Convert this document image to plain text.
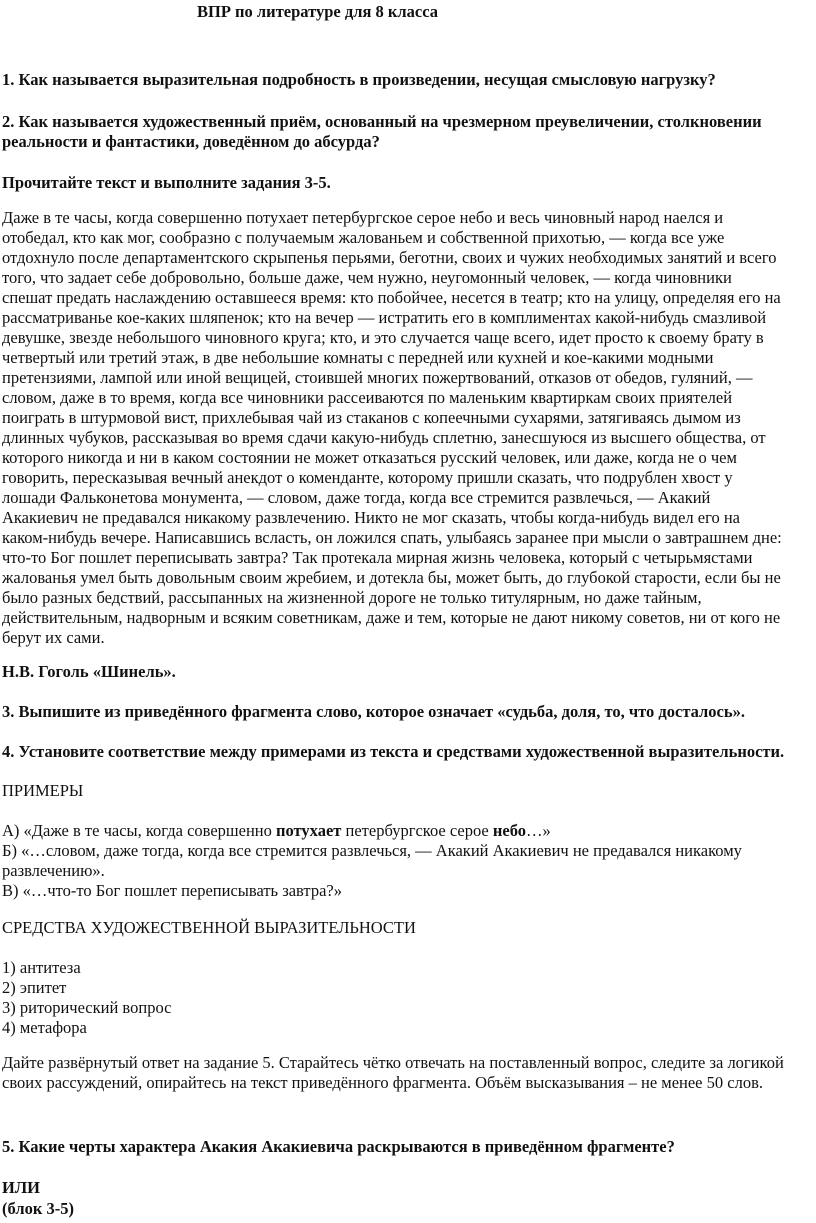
ВПР по литературе для 8 класса
1. Как называется выразительная подробность в произведении, несущая смысловую нагрузку?
2. Как называется художественный приём, основанный на чрезмерном преувеличении, столкновении
реальности и фантастики, доведённом до абсурда?
Прочитайте текст и выполните задания 3-5.
Даже в те часы, когда совершенно потухает петербургское серое небо и весь чиновный народ наелся и
отобедал, кто как мог, сообразно с получаемым жалованьем и собственной прихотью, — когда все уже
отдохнуло после департаментского скрыпенья перьями, беготни, своих и чужих необходимых занятий и всего
того, что задает себе добровольно, больше даже, чем нужно, неугомонный человек, — когда чиновники
спешат предать наслаждению оставшееся время: кто побойчее, несется в театр; кто на улицу, определяя его на
рассматриванье кое-каких шляпенок; кто на вечер — истратить его в комплиментах какой-нибудь смазливой
девушке, звезде небольшого чиновного круга; кто, и это случается чаще всего, идет просто к своему брату в
четвертый или третий этаж, в две небольшие комнаты с передней или кухней и кое-какими модными
претензиями, лампой или иной вещицей, стоившей многих пожертвований, отказов от обедов, гуляний, —
словом, даже в то время, когда все чиновники рассеиваются по маленьким квартиркам своих приятелей
поиграть в штурмовой вист, прихлебывая чай из стаканов с копеечными сухарями, затягиваясь дымом из
длинных чубуков, рассказывая во время сдачи какую-нибудь сплетню, занесшуюся из высшего общества, от
которого никогда и ни в каком состоянии не может отказаться русский человек, или даже, когда не о чем
говорить, пересказывая вечный анекдот о коменданте, которому пришли сказать, что подрублен хвост у
лошади Фальконетова монумента, — словом, даже тогда, когда все стремится развлечься, — Акакий
Акакиевич не предавался никакому развлечению. Никто не мог сказать, чтобы когда-нибудь видел его на
каком-нибудь вечере. Написавшись всласть, он ложился спать, улыбаясь заранее при мысли о завтрашнем дне:
что-то Бог пошлет переписывать завтра? Так протекала мирная жизнь человека, который с четырьмястами
жалованья умел быть довольным своим жребием, и дотекла бы, может быть, до глубокой старости, если бы не
было разных бедствий, рассыпанных на жизненной дороге не только титулярным, но даже тайным,
действительным, надворным и всяким советникам, даже и тем, которые не дают никому советов, ни от кого не
берут их сами.
Н.В. Гоголь «Шинель».
3. Выпишите из приведённого фрагмента слово, которое означает «судьба, доля, то, что досталось».
4. Установите соответствие между примерами из текста и средствами художественной выразительности.
ПРИМЕРЫ
А) «Даже в те часы, когда совершенно потухает петербургское серое небо…»
Б) «…словом, даже тогда, когда все стремится развлечься, — Акакий Акакиевич не предавался никакому
развлечению».
В) «…что-то Бог пошлет переписывать завтра?»
СРЕДСТВА ХУДОЖЕСТВЕННОЙ ВЫРАЗИТЕЛЬНОСТИ
1) антитеза
2) эпитет
3) риторический вопрос
4) метафора
Дайте развёрнутый ответ на задание 5. Старайтесь чётко отвечать на поставленный вопрос, следите за логикой
своих рассуждений, опирайтесь на текст приведённого фрагмента. Объём высказывания – не менее 50 слов.
5. Какие черты характера Акакия Акакиевича раскрываются в приведённом фрагменте?
ИЛИ
(блок 3-5)
